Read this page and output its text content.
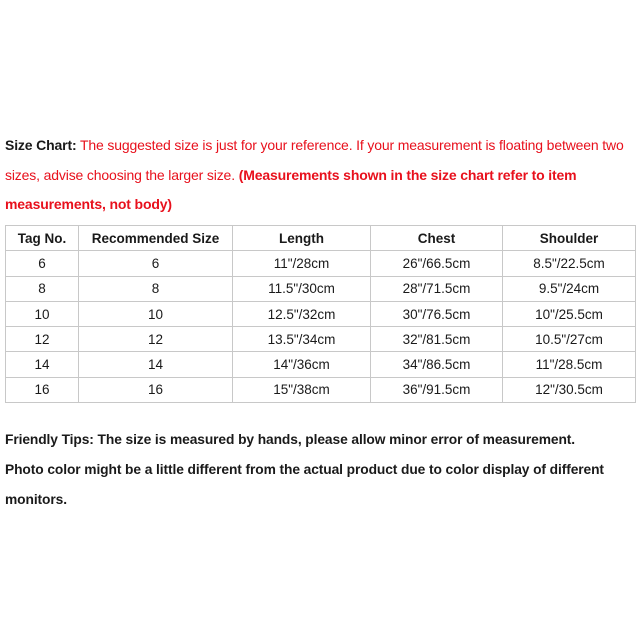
Size Chart: The suggested size is just for your reference. If your measurement is floating between two sizes, advise choosing the larger size. (Measurements shown in the size chart refer to item measurements, not body)
Tag No.	Recommended Size	Length	Chest	Shoulder
6	6	11"/28cm	26"/66.5cm	8.5"/22.5cm
8	8	11.5"/30cm	28"/71.5cm	9.5"/24cm
10	10	12.5"/32cm	30"/76.5cm	10"/25.5cm
12	12	13.5"/34cm	32"/81.5cm	10.5"/27cm
14	14	14"/36cm	34"/86.5cm	11"/28.5cm
16	16	15"/38cm	36"/91.5cm	12"/30.5cm

Friendly Tips: The size is measured by hands, please allow minor error of measurement.

Photo color might be a little different from the actual product due to color display of different monitors.
